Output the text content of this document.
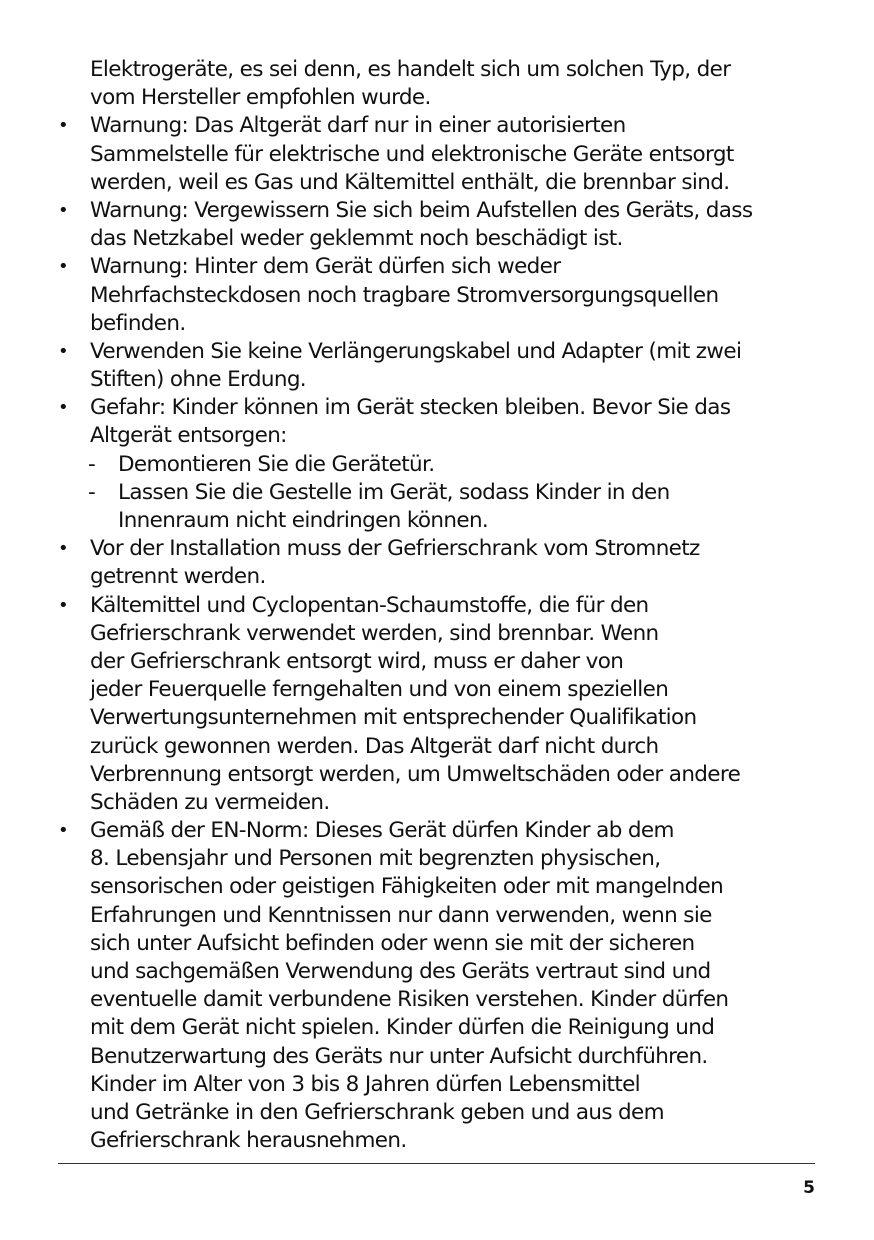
Elektrogeräte, es sei denn, es handelt sich um solchen Typ, der
vom Hersteller empfohlen wurde.
• Warnung: Das Altgerät darf nur in einer autorisierten
Sammelstelle für elektrische und elektronische Geräte entsorgt
werden, weil es Gas und Kältemittel enthält, die brennbar sind.
• Warnung: Vergewissern Sie sich beim Aufstellen des Geräts, dass
das Netzkabel weder geklemmt noch beschädigt ist.
• Warnung: Hinter dem Gerät dürfen sich weder
Mehrfachsteckdosen noch tragbare Stromversorgungsquellen
befinden.
• Verwenden Sie keine Verlängerungskabel und Adapter (mit zwei
Stiften) ohne Erdung.
• Gefahr: Kinder können im Gerät stecken bleiben. Bevor Sie das
Altgerät entsorgen:
- Demontieren Sie die Gerätetür.
- Lassen Sie die Gestelle im Gerät, sodass Kinder in den
Innenraum nicht eindringen können.
• Vor der Installation muss der Gefrierschrank vom Stromnetz
getrennt werden.
• Kältemittel und Cyclopentan-Schaumstoffe, die für den
Gefrierschrank verwendet werden, sind brennbar. Wenn
der Gefrierschrank entsorgt wird, muss er daher von
jeder Feuerquelle ferngehalten und von einem speziellen
Verwertungsunternehmen mit entsprechender Qualifikation
zurück gewonnen werden. Das Altgerät darf nicht durch
Verbrennung entsorgt werden, um Umweltschäden oder andere
Schäden zu vermeiden.
• Gemäß der EN-Norm: Dieses Gerät dürfen Kinder ab dem
8. Lebensjahr und Personen mit begrenzten physischen,
sensorischen oder geistigen Fähigkeiten oder mit mangelnden
Erfahrungen und Kenntnissen nur dann verwenden, wenn sie
sich unter Aufsicht befinden oder wenn sie mit der sicheren
und sachgemäßen Verwendung des Geräts vertraut sind und
eventuelle damit verbundene Risiken verstehen. Kinder dürfen
mit dem Gerät nicht spielen. Kinder dürfen die Reinigung und
Benutzerwartung des Geräts nur unter Aufsicht durchführen.
Kinder im Alter von 3 bis 8 Jahren dürfen Lebensmittel
und Getränke in den Gefrierschrank geben und aus dem
Gefrierschrank herausnehmen.
5
